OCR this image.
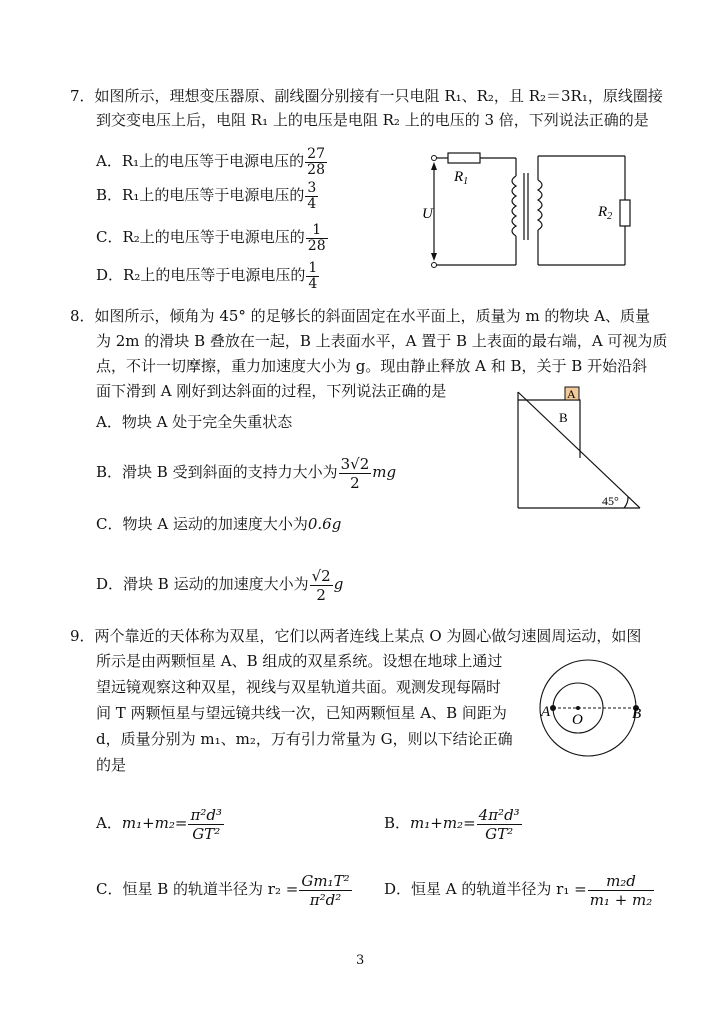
7．如图所示，理想变压器原、副线圈分别接有一只电阻 R₁、R₂，且 R₂＝3R₁，原线圈接
到交变电压上后，电阻 R₁ 上的电压是电阻 R₂ 上的电压的 3 倍，下列说法正确的是
A．R₁上的电压等于电源电压的 $\frac{27}{28}$
B．R₁上的电压等于电源电压的 $\frac{3}{4}$
C．R₂上的电压等于电源电压的 $\frac{1}{28}$
D．R₂上的电压等于电源电压的 $\frac{1}{4}$
$R_1$
$R_2$
U
8．如图所示，倾角为 45° 的足够长的斜面固定在水平面上，质量为 m 的物块 A、质量
为 2m 的滑块 B 叠放在一起，B 上表面水平，A 置于 B 上表面的最右端，A 可视为质
点，不计一切摩擦，重力加速度大小为 g。现由静止释放 A 和 B，关于 B 开始沿斜
面下滑到 A 刚好到达斜面的过程，下列说法正确的是
A．物块 A 处于完全失重状态
B．滑块 B 受到斜面的支持力大小为 $\frac{3√2}{2}$ mg
C．物块 A 运动的加速度大小为0.6g
D．滑块 B 运动的加速度大小为 $\frac{√2}{2}$ g
A
B
45°
9．两个靠近的天体称为双星，它们以两者连线上某点 O 为圆心做匀速圆周运动，如图
所示是由两颗恒星 A、B 组成的双星系统。设想在地球上通过
望远镜观察这种双星，视线与双星轨道共面。观测发现每隔时
间 T 两颗恒星与望远镜共线一次，已知两颗恒星 A、B 间距为
d，质量分别为 m₁、m₂，万有引力常量为 G，则以下结论正确
的是
A O	B
A．$m_1+m_2= \frac{\text{π²d³}}{\text{GT²}}$	B．$m_1+m_2= \frac{\text{4π²d³}}{\text{GT²}}$
C．恒星 B 的轨道半径为 $r_2 = \frac{\text{Gm₁T²}}{\text{π²d²}}$ D．恒星 A 的轨道半径为 $r_1 = \frac{\text{m₂d}}{\text{m₁ + m₂}}$
3
